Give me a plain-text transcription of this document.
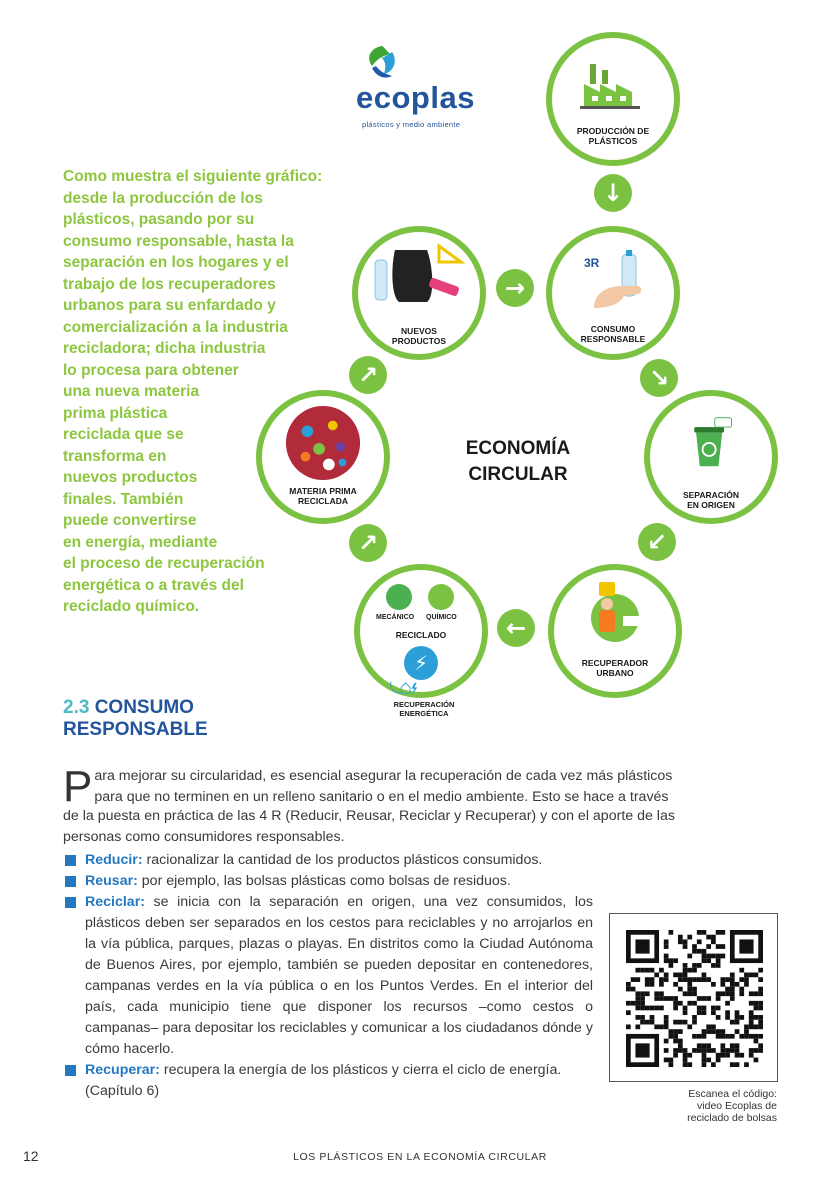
ecoplas
plásticos y medio ambiente
Como muestra el siguiente gráfico:
desde la producción de los
plásticos, pasando por su
consumo responsable, hasta la
separación en los hogares y el
trabajo de los recuperadores
urbanos para su enfardado y
comercialización a la industria
recicladora; dicha industria
lo procesa para obtener
una nueva materia
prima plástica
reciclada que se
transforma en
nuevos productos
finales. También
puede convertirse
en energía, mediante
el proceso de recuperación
energética o a través del
reciclado químico.
PRODUCCIÓN DE
PLÁSTICOS
3R
CONSUMO
RESPONSABLE
SEPARACIÓN
EN ORIGEN
RECUPERADOR
URBANO
MECÁNICO QUÍMICO
RECICLADO
⚡
MATERIA PRIMA
RECICLADA
NUEVOS
PRODUCTOS
↓
→
↘
↙
←
↗
↗
RECUPERACIÓN
ENERGÉTICA
ECONOMÍA
CIRCULAR
2.3 CONSUMO
RESPONSABLE
P ara mejorar su circularidad, es esencial asegurar la recuperación de cada vez más plásticos
para que no terminen en un relleno sanitario o en el medio ambiente. Esto se hace a través
de la puesta en práctica de las 4 R (Reducir, Reusar, Reciclar y Recuperar) y con el aporte de las
personas como consumidores responsables.
Reducir: racionalizar la cantidad de los productos plásticos consumidos.
Reusar: por ejemplo, las bolsas plásticas como bolsas de residuos.
Reciclar: se inicia con la separación en origen, una vez consumidos, los plásticos deben ser separados en los cestos para reciclables y no arrojarlos en la vía pública, parques, plazas o playas. En distritos como la Ciudad Autónoma de Buenos Aires, por ejemplo, también se pueden depositar en contenedores, campanas verdes en la vía pública o en los Puntos Verdes. En el interior del país, cada municipio tiene que disponer los recursos –como cestos o campanas– para depositar los reciclables y comunicar a los ciudadanos dónde y cómo hacerlo.
Recuperar: recupera la energía de los plásticos y cierra el ciclo de energía. (Capítulo 6)	Escanea el código:
video Ecoplas de
reciclado de bolsas
12	LOS PLÁSTICOS EN LA ECONOMÍA CIRCULAR
